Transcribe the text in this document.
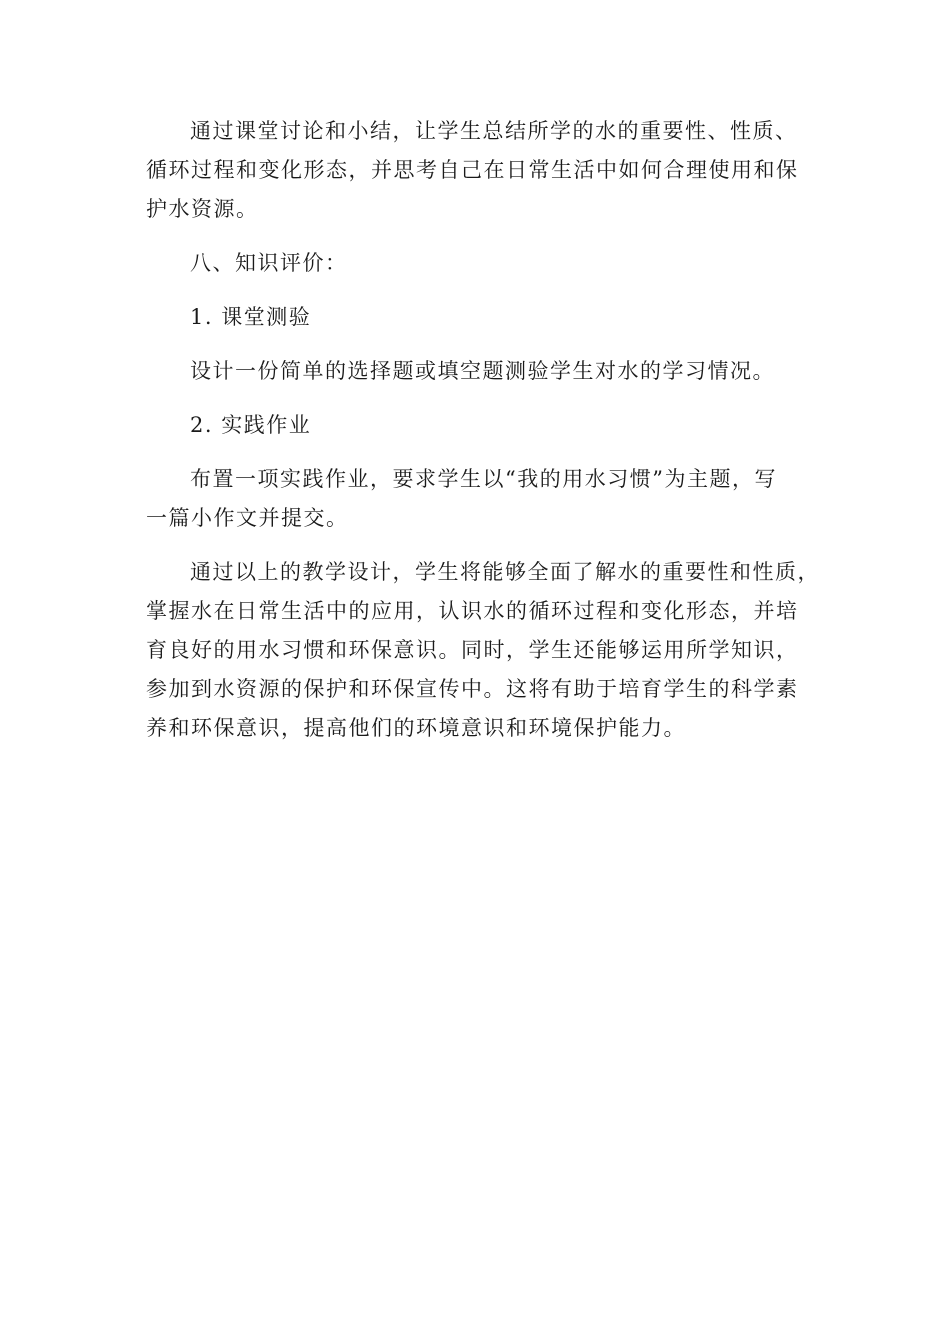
通过课堂讨论和小结，让学生总结所学的水的重要性、性质、
循环过程和变化形态，并思考自己在日常生活中如何合理使用和保
护水资源。

八、知识评价：

1. 课堂测验

设计一份简单的选择题或填空题测验学生对水的学习情况。

2. 实践作业

布置一项实践作业，要求学生以“我的用水习惯”为主题，写
一篇小作文并提交。

通过以上的教学设计，学生将能够全面了解水的重要性和性质，
掌握水在日常生活中的应用，认识水的循环过程和变化形态，并培
育良好的用水习惯和环保意识。同时，学生还能够运用所学知识，
参加到水资源的保护和环保宣传中。这将有助于培育学生的科学素
养和环保意识，提高他们的环境意识和环境保护能力。
